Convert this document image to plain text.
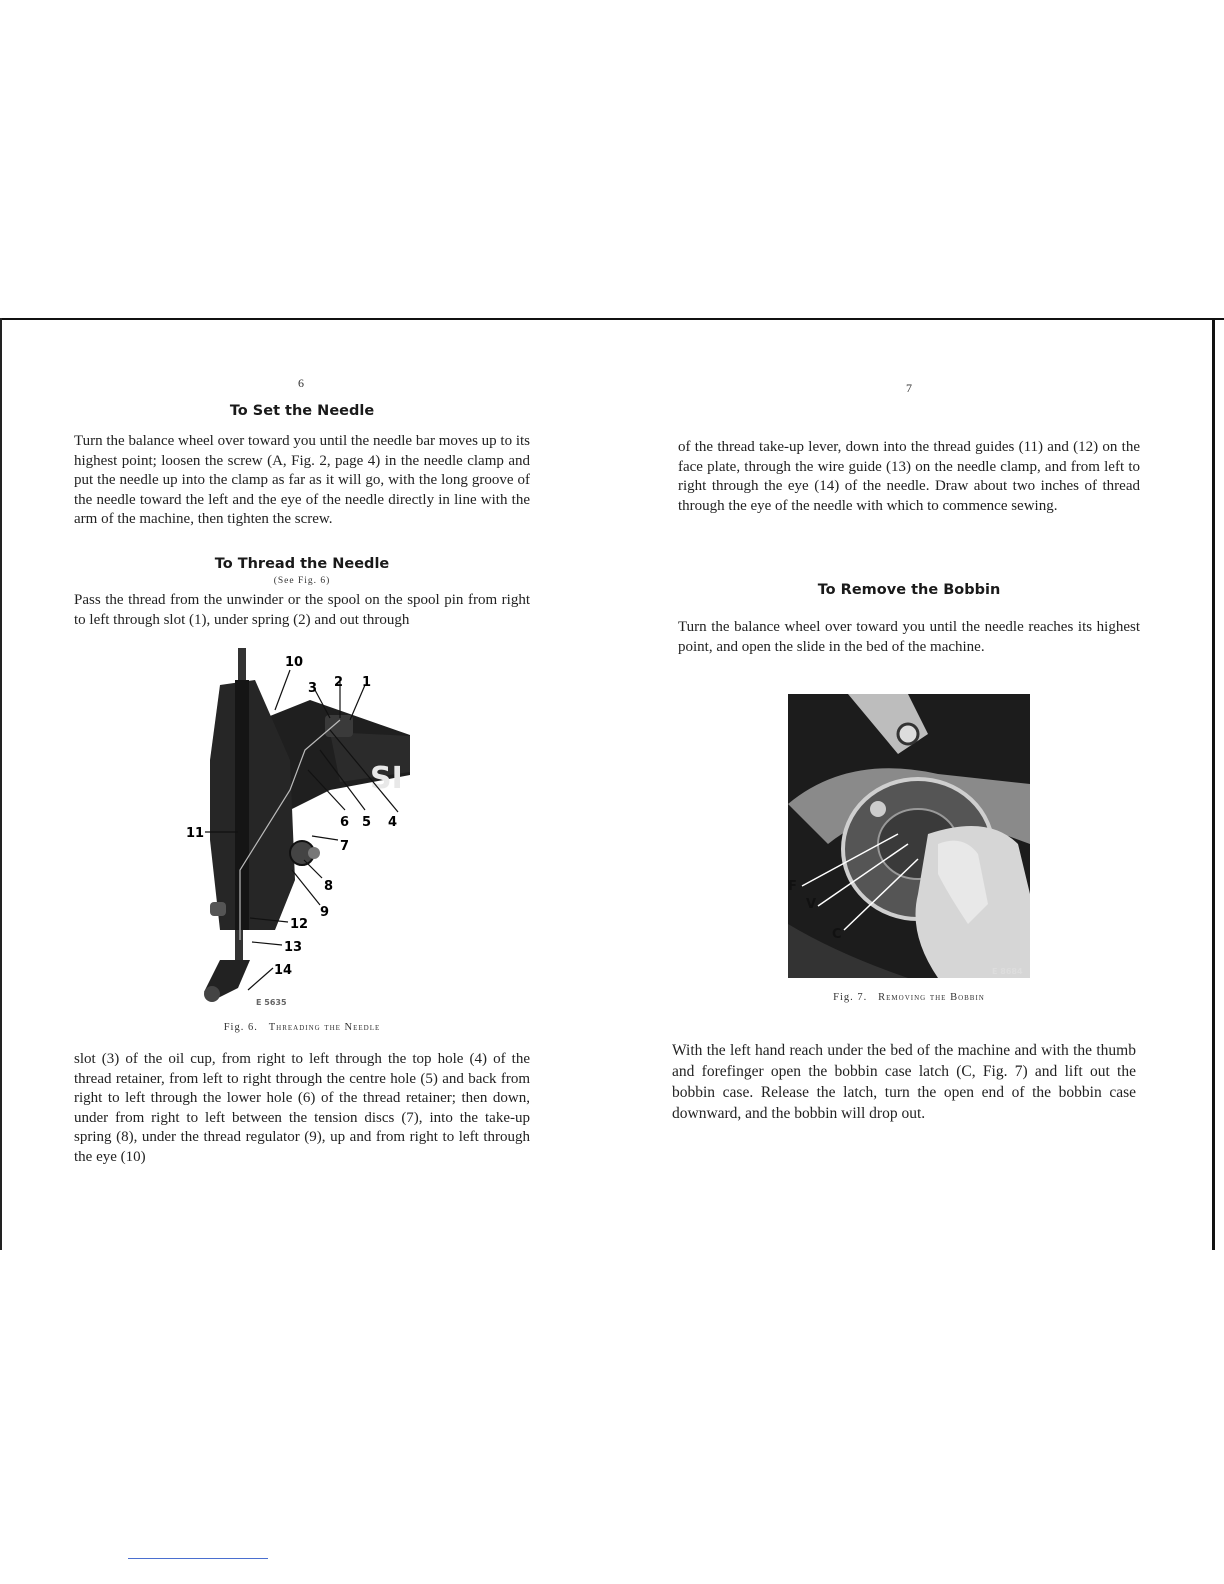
6
To Set the Needle
Turn the balance wheel over toward you until the needle bar moves up to its highest point; loosen the screw (A, Fig. 2, page 4) in the needle clamp and put the needle up into the clamp as far as it will go, with the long groove of the needle toward the left and the eye of the needle directly in line with the arm of the machine, then tighten the screw.
To Thread the Needle
(See Fig. 6)
Pass the thread from the unwinder or the spool on the spool pin from right to left through slot (1), under spring (2) and out through
SI
10
3 2 1
6 5 4
11
7
8
9
12
13
14
E 5635
Fig. 6. Threading the Needle
slot (3) of the oil cup, from right to left through the top hole (4) of the thread retainer, from left to right through the centre hole (5) and back from right to left through the lower hole (6) of the thread retainer; then down, under from right to left between the tension discs (7), into the take-up spring (8), under the thread regulator (9), up and from right to left through the eye (10)
7
of the thread take-up lever, down into the thread guides (11) and (12) on the face plate, through the wire guide (13) on the needle clamp, and from left to right through the eye (14) of the needle. Draw about two inches of thread through the eye of the needle with which to commence sewing.
To Remove the Bobbin
Turn the balance wheel over toward you until the needle reaches its highest point, and open the slide in the bed of the machine.
F
V
C
E 8684
Fig. 7. Removing the Bobbin
With the left hand reach under the bed of the machine and with the thumb and forefinger open the bobbin case latch (C, Fig. 7) and lift out the bobbin case. Release the latch, turn the open end of the bobbin case downward, and the bobbin will drop out.
